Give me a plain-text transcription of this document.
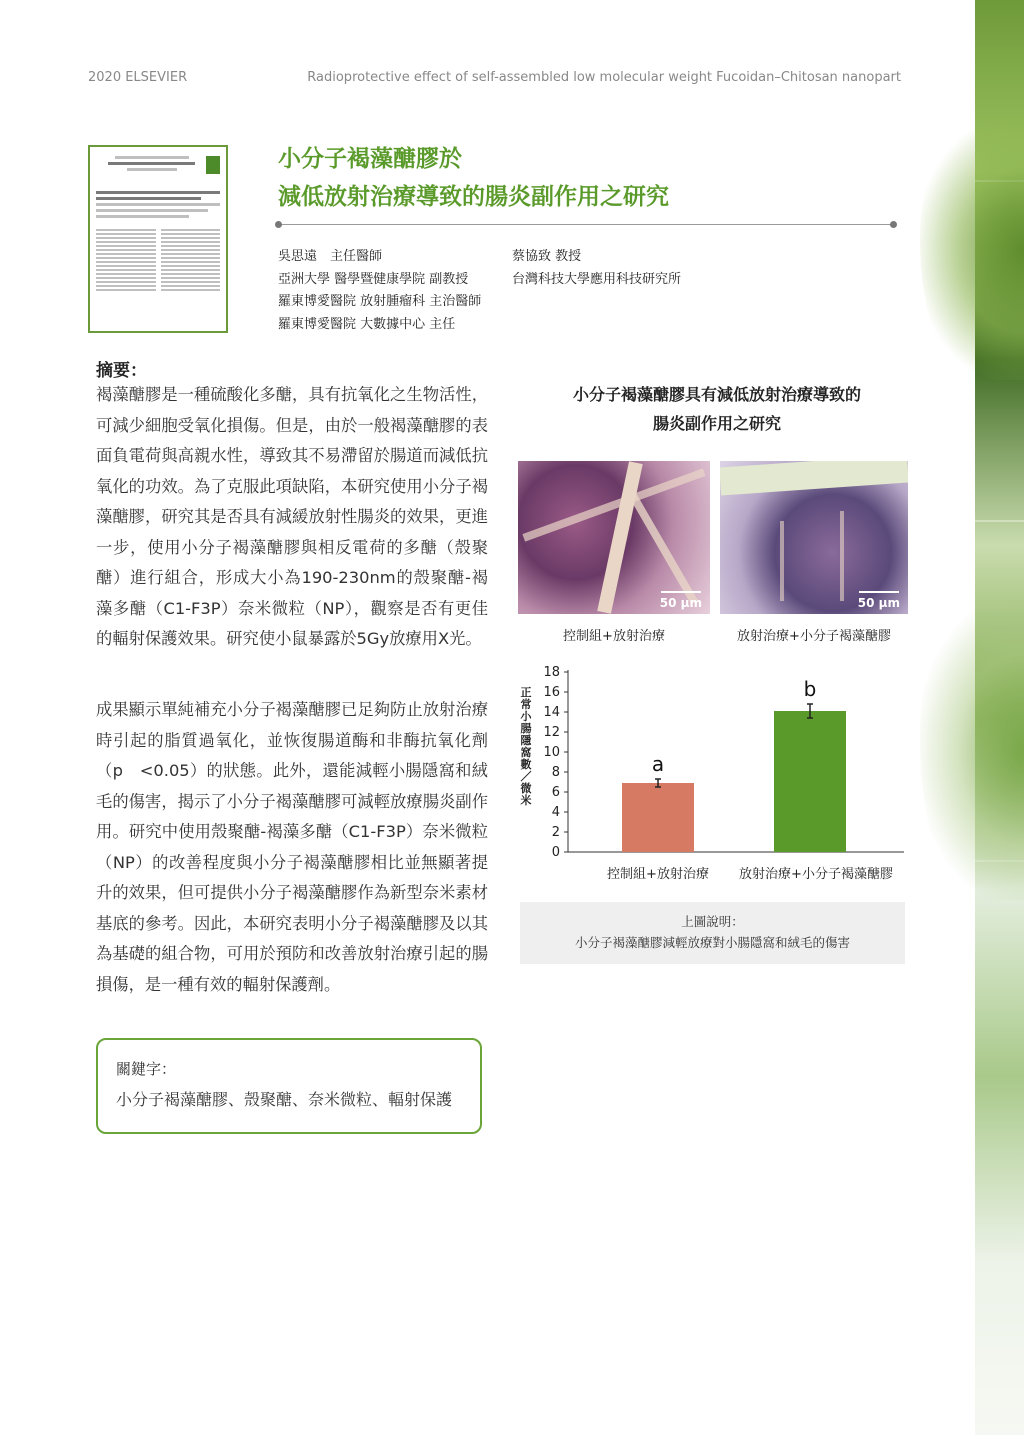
2020 ELSEVIER	Radioprotective effect of self-assembled low molecular weight Fucoidan–Chitosan nanopart
小分子褐藻醣膠於
減低放射治療導致的腸炎副作用之研究
吳思遠　主任醫師
亞洲大學 醫學暨健康學院 副教授
羅東博愛醫院 放射腫瘤科 主治醫師
羅東博愛醫院 大數據中心 主任
蔡協致 教授
台灣科技大學應用科技研究所
摘要：
褐藻醣膠是一種硫酸化多醣，具有抗氧化之生物活性，可減少細胞受氧化損傷。但是，由於一般褐藻醣膠的表面負電荷與高親水性，導致其不易滯留於腸道而減低抗氧化的功效。為了克服此項缺陷，本研究使用小分子褐藻醣膠，研究其是否具有減緩放射性腸炎的效果，更進一步，使用小分子褐藻醣膠與相反電荷的多醣（殼聚醣）進行組合，形成大小為190-230nm的殼聚醣-褐藻多醣（C1-F3P）奈米微粒（NP），觀察是否有更佳的輻射保護效果。研究使小鼠暴露於5Gy放療用X光。
成果顯示單純補充小分子褐藻醣膠已足夠防止放射治療時引起的脂質過氧化，並恢復腸道酶和非酶抗氧化劑（p　<0.05）的狀態。此外，還能減輕小腸隱窩和絨毛的傷害，揭示了小分子褐藻醣膠可減輕放療腸炎副作用。研究中使用殼聚醣-褐藻多醣（C1-F3P）奈米微粒（NP）的改善程度與小分子褐藻醣膠相比並無顯著提升的效果，但可提供小分子褐藻醣膠作為新型奈米素材基底的參考。因此，本研究表明小分子褐藻醣膠及以其為基礎的組合物，可用於預防和改善放射治療引起的腸損傷，是一種有效的輻射保護劑。
關鍵字：
小分子褐藻醣膠、殼聚醣、奈米微粒、輻射保護
小分子褐藻醣膠具有減低放射治療導致的
腸炎副作用之研究
50 µm	50 µm
控制組+放射治療	放射治療+小分子褐藻醣膠
0
2
4
6
8
10
12
14
16
18
正
常
小
腸
隱
窩
數
／
微
米
a
控制組+放射治療
b
放射治療+小分子褐藻醣膠
上圖說明：
小分子褐藻醣膠減輕放療對小腸隱窩和絨毛的傷害
